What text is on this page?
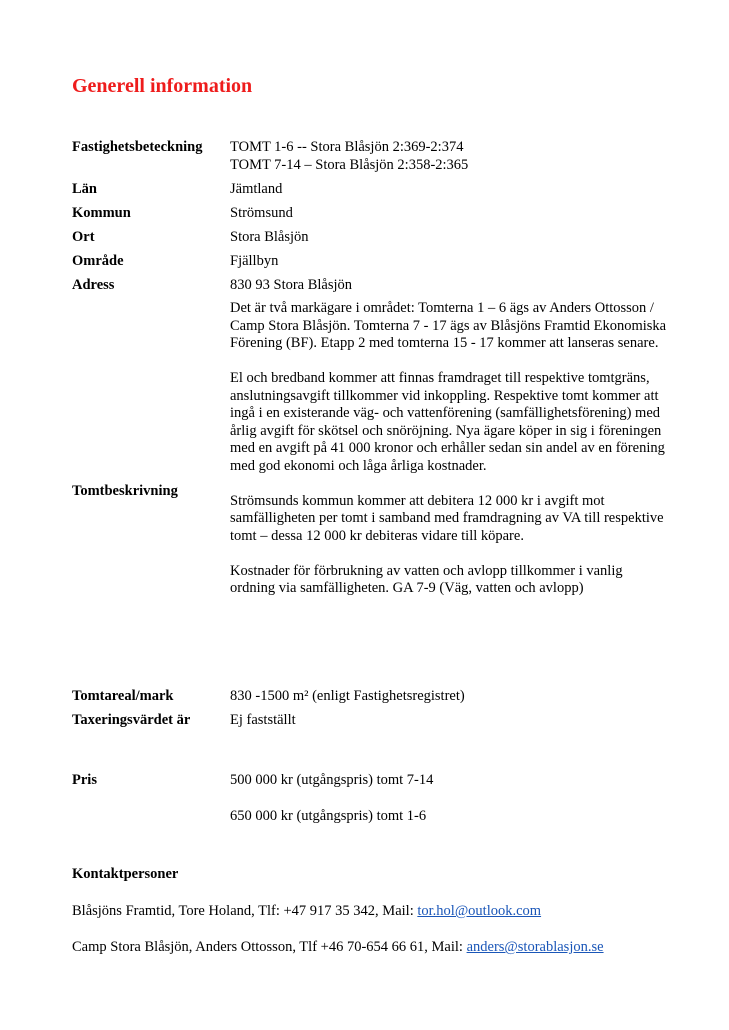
Generell information
Fastighetsbeteckning	TOMT 1-6 -- Stora Blåsjön 2:369-2:374
TOMT 7-14 – Stora Blåsjön 2:358-2:365
Län	Jämtland
Kommun	Strömsund
Ort	Stora Blåsjön
Område	Fjällbyn
Adress	830 93 Stora Blåsjön
Tomtbeskrivning

Det är två markägare i området: Tomterna 1 – 6 ägs av Anders Ottosson / Camp Stora Blåsjön. Tomterna 7 - 17 ägs av Blåsjöns Framtid Ekonomiska Förening (BF). Etapp 2 med tomterna 15 - 17 kommer att lanseras senare.

El och bredband kommer att finnas framdraget till respektive tomtgräns, anslutningsavgift tillkommer vid inkoppling. Respektive tomt kommer att ingå i en existerande väg- och vattenförening (samfällighetsförening) med årlig avgift för skötsel och snöröjning. Nya ägare köper in sig i föreningen med en avgift på 41 000 kronor och erhåller sedan sin andel av en förening med god ekonomi och låga årliga kostnader.

Strömsunds kommun kommer att debitera 12 000 kr i avgift mot samfälligheten per tomt i samband med framdragning av VA till respektive tomt – dessa 12 000 kr debiteras vidare till köpare.

Kostnader för förbrukning av vatten och avlopp tillkommer i vanlig ordning via samfälligheten. GA 7-9 (Väg, vatten och avlopp)

Tomtareal/mark	830 -1500 m² (enligt Fastighetsregistret)
Taxeringsvärdet är	Ej fastställt
Pris	500 000 kr (utgångspris) tomt 7-14
650 000 kr (utgångspris) tomt 1-6
Kontaktpersoner
Blåsjöns Framtid, Tore Holand, Tlf: +47 917 35 342, Mail: tor.hol@outlook.com
Camp Stora Blåsjön, Anders Ottosson, Tlf +46 70-654 66 61, Mail: anders@storablasjon.se
